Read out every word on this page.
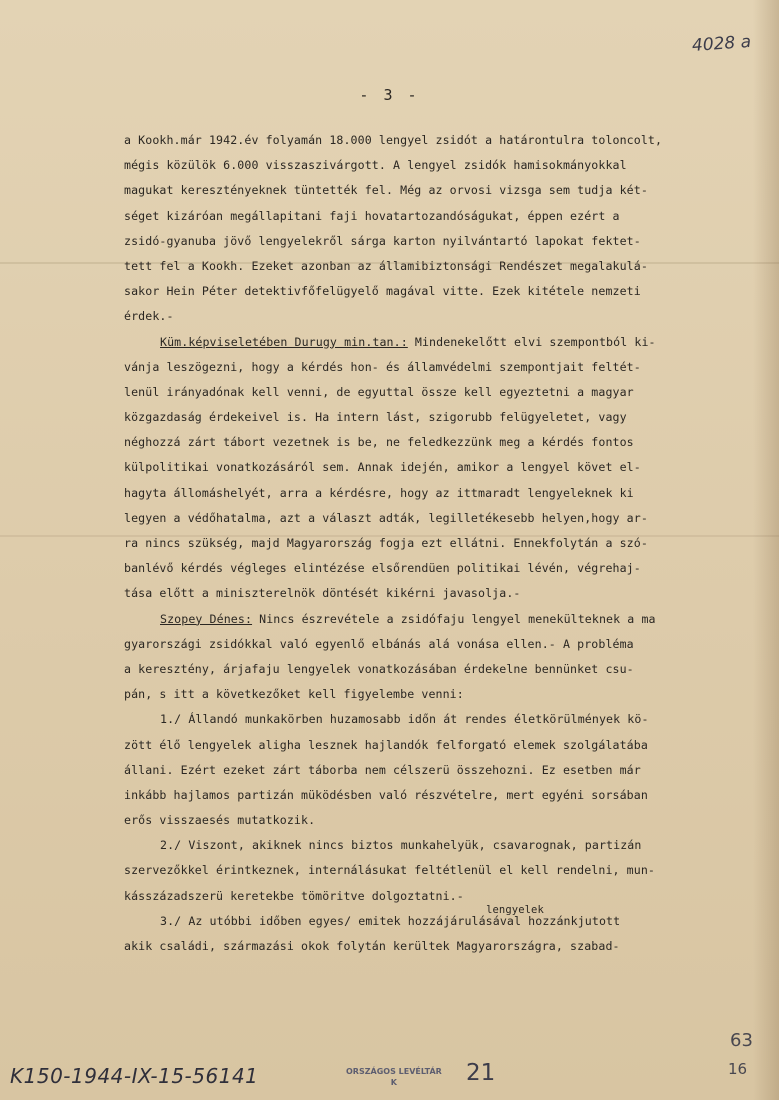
4028 a
- 3 -
a Kookh.már 1942.év folyamán 18.000 lengyel zsidót a határontulra toloncolt,
mégis közülök 6.000 visszaszivárgott. A lengyel zsidók hamisokmányokkal
magukat keresztényeknek tüntették fel. Még az orvosi vizsga sem tudja két-
séget kizáróan megállapitani faji hovatartozandóságukat, éppen ezért a
zsidó-gyanuba jövő lengyelekről sárga karton nyilvántartó lapokat fektet-
tett fel a Kookh. Ezeket azonban az államibiztonsági Rendészet megalakulá-
sakor Hein Péter detektivfőfelügyelő magával vitte. Ezek kitétele nemzeti
érdek.-
Küm.képviseletében Durugy min.tan.: Mindenekelőtt elvi szempontból ki-
vánja leszögezni, hogy a kérdés hon- és államvédelmi szempontjait feltét-
lenül irányadónak kell venni, de egyuttal össze kell egyeztetni a magyar
közgazdaság érdekeivel is. Ha intern lást, szigorubb felügyeletet, vagy
néghozzá zárt tábort vezetnek is be, ne feledkezzünk meg a kérdés fontos
külpolitikai vonatkozásáról sem. Annak idején, amikor a lengyel követ el-
hagyta állomáshelyét, arra a kérdésre, hogy az ittmaradt lengyeleknek ki
legyen a védőhatalma, azt a választ adták, legilletékesebb helyen,hogy ar-
ra nincs szükség, majd Magyarország fogja ezt ellátni. Ennekfolytán a szó-
banlévő kérdés végleges elintézése elsőrendüen politikai lévén, végrehaj-
tása előtt a miniszterelnök döntését kikérni javasolja.-
Szopey Dénes: Nincs észrevétele a zsidófaju lengyel menekülteknek a ma
gyarországi zsidókkal való egyenlő elbánás alá vonása ellen.- A probléma
a keresztény, árjafaju lengyelek vonatkozásában érdekelne bennünket csu-
pán, s itt a következőket kell figyelembe venni:
1./ Állandó munkakörben huzamosabb időn át rendes életkörülmények kö-
zött élő lengyelek aligha lesznek hajlandók felforgató elemek szolgálatába
állani. Ezért ezeket zárt táborba nem célszerü összehozni. Ez esetben már
inkább hajlamos partizán müködésben való részvételre, mert egyéni sorsában
erős visszaesés mutatkozik.
2./ Viszont, akiknek nincs biztos munkahelyük, csavarognak, partizán
szervezőkkel érintkeznek, internálásukat feltétlenül el kell rendelni, mun-
kásszázadszerü keretekbe tömöritve dolgoztatni.-
lengyelek
3./ Az utóbbi időben egyes/ emitek hozzájárulásával hozzánkjutott
akik családi, származási okok folytán kerültek Magyarországra, szabad-
K150-1944-IX-15-56141	ORSZÁGOS LEVÉLTÁR
K	21
63
16
